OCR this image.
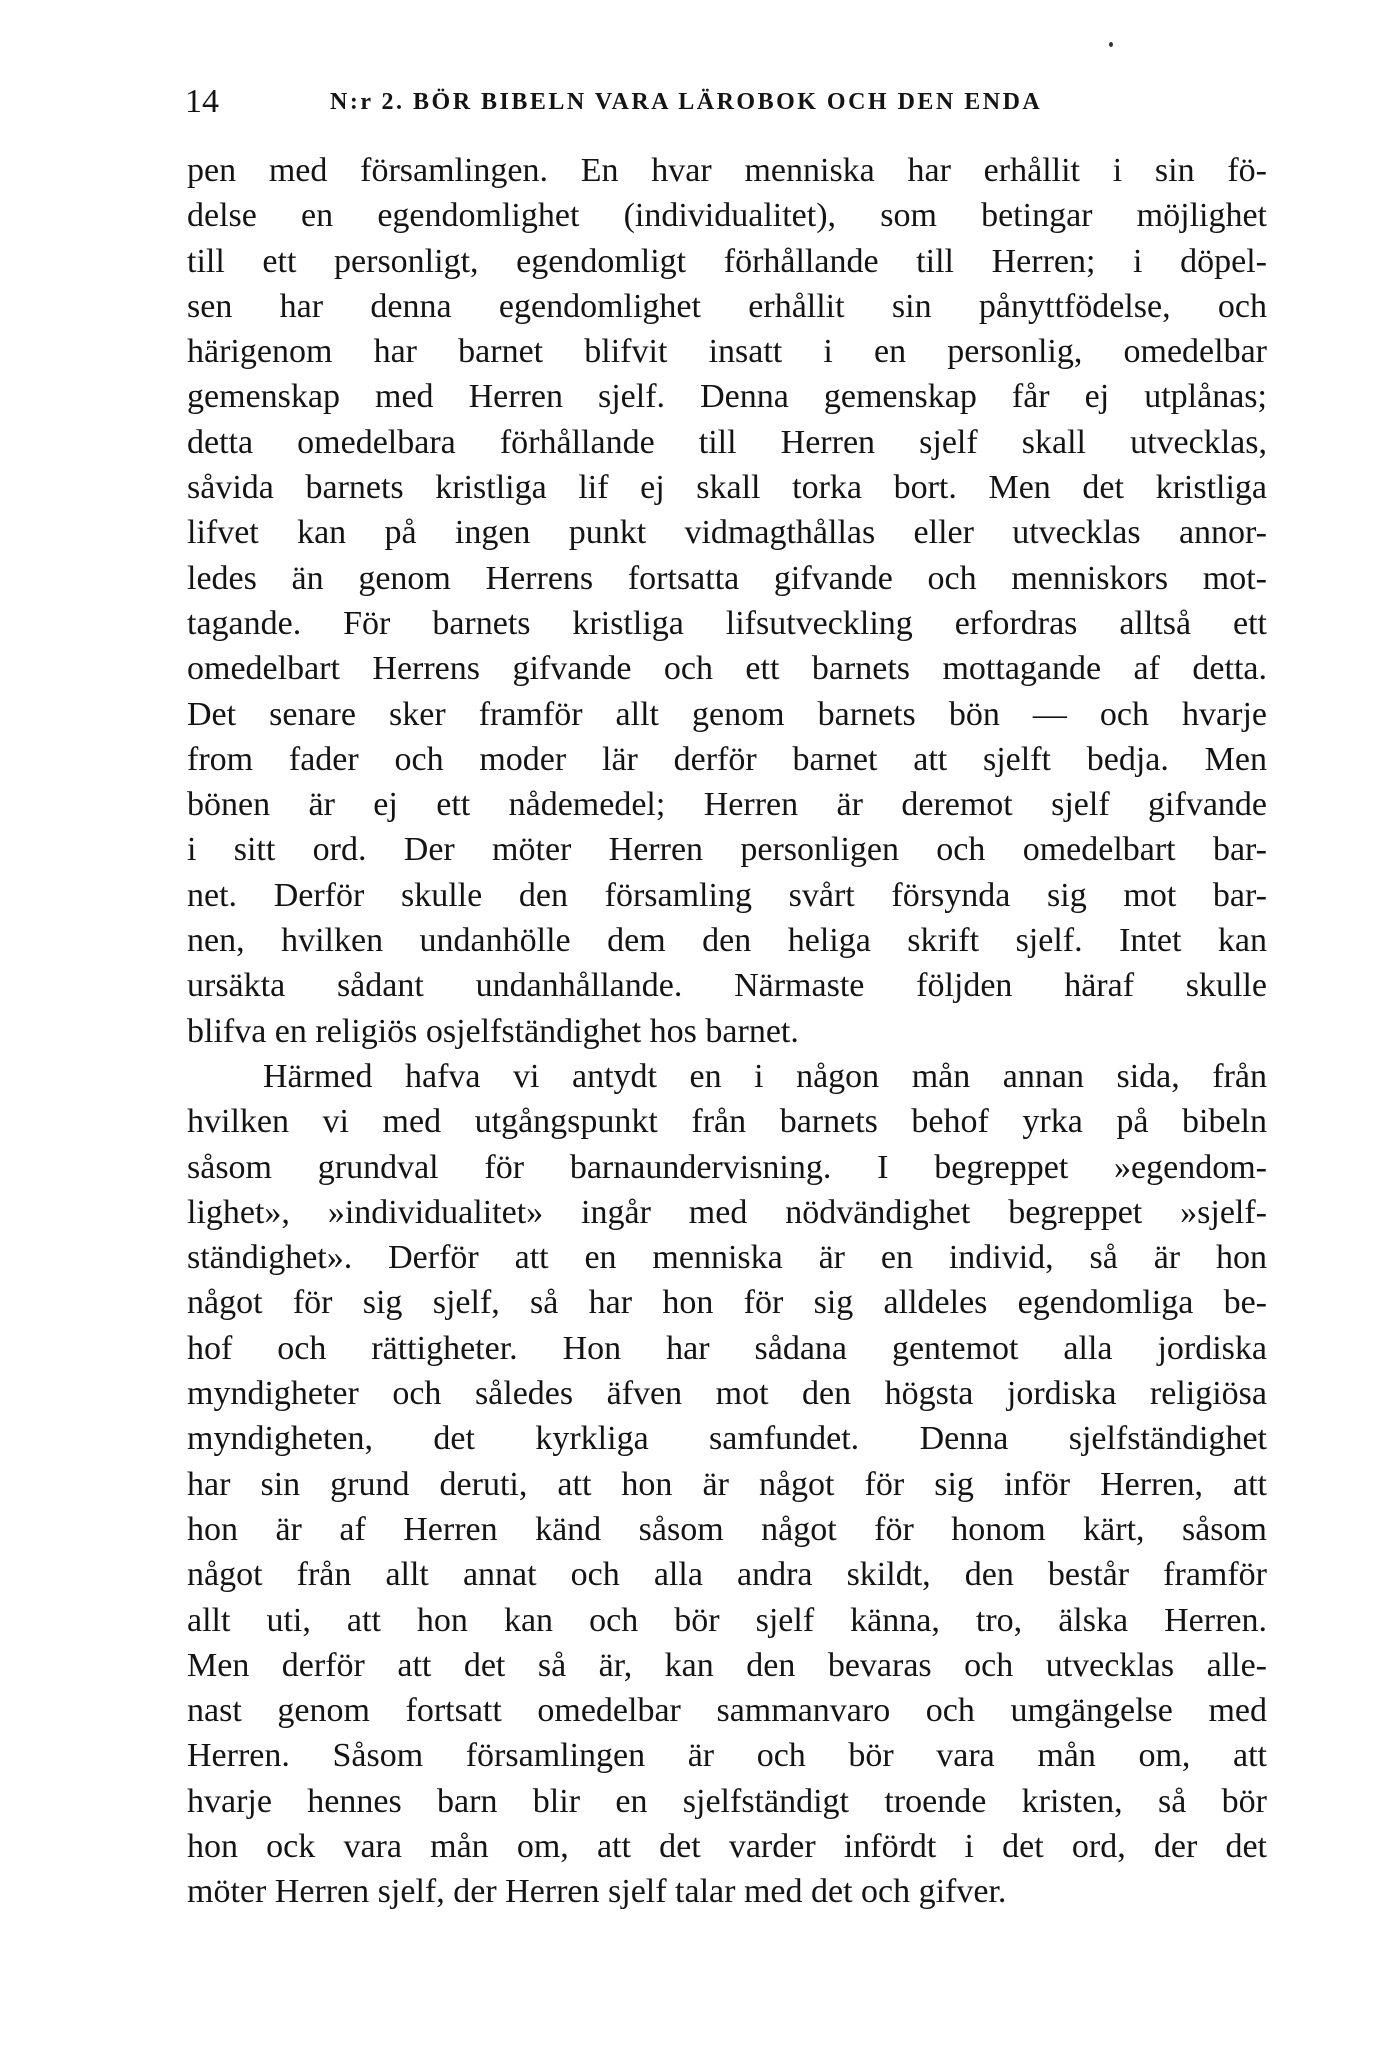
14	N:r 2. BÖR BIBELN VARA LÄROBOK OCH DEN ENDA
pen med församlingen. En hvar menniska har erhållit i sin fö-
delse en egendomlighet (individualitet), som betingar möjlighet
till ett personligt, egendomligt förhållande till Herren; i döpel-
sen har denna egendomlighet erhållit sin pånyttfödelse, och
härigenom har barnet blifvit insatt i en personlig, omedelbar
gemenskap med Herren sjelf. Denna gemenskap får ej utplånas;
detta omedelbara förhållande till Herren sjelf skall utvecklas,
såvida barnets kristliga lif ej skall torka bort. Men det kristliga
lifvet kan på ingen punkt vidmagthållas eller utvecklas annor-
ledes än genom Herrens fortsatta gifvande och menniskors mot-
tagande. För barnets kristliga lifsutveckling erfordras alltså ett
omedelbart Herrens gifvande och ett barnets mottagande af detta.
Det senare sker framför allt genom barnets bön — och hvarje
from fader och moder lär derför barnet att sjelft bedja. Men
bönen är ej ett nådemedel; Herren är deremot sjelf gifvande
i sitt ord. Der möter Herren personligen och omedelbart bar-
net. Derför skulle den församling svårt försynda sig mot bar-
nen, hvilken undanhölle dem den heliga skrift sjelf. Intet kan
ursäkta sådant undanhållande. Närmaste följden häraf skulle
blifva en religiös osjelfständighet hos barnet.
Härmed hafva vi antydt en i någon mån annan sida, från
hvilken vi med utgångspunkt från barnets behof yrka på bibeln
såsom grundval för barnaundervisning. I begreppet »egendom-
lighet», »individualitet» ingår med nödvändighet begreppet »sjelf-
ständighet». Derför att en menniska är en individ, så är hon
något för sig sjelf, så har hon för sig alldeles egendomliga be-
hof och rättigheter. Hon har sådana gentemot alla jordiska
myndigheter och således äfven mot den högsta jordiska religiösa
myndigheten, det kyrkliga samfundet. Denna sjelfständighet
har sin grund deruti, att hon är något för sig inför Herren, att
hon är af Herren känd såsom något för honom kärt, såsom
något från allt annat och alla andra skildt, den består framför
allt uti, att hon kan och bör sjelf känna, tro, älska Herren.
Men derför att det så är, kan den bevaras och utvecklas alle-
nast genom fortsatt omedelbar sammanvaro och umgängelse med
Herren. Såsom församlingen är och bör vara mån om, att
hvarje hennes barn blir en sjelfständigt troende kristen, så bör
hon ock vara mån om, att det varder infördt i det ord, der det
möter Herren sjelf, der Herren sjelf talar med det och gifver.
